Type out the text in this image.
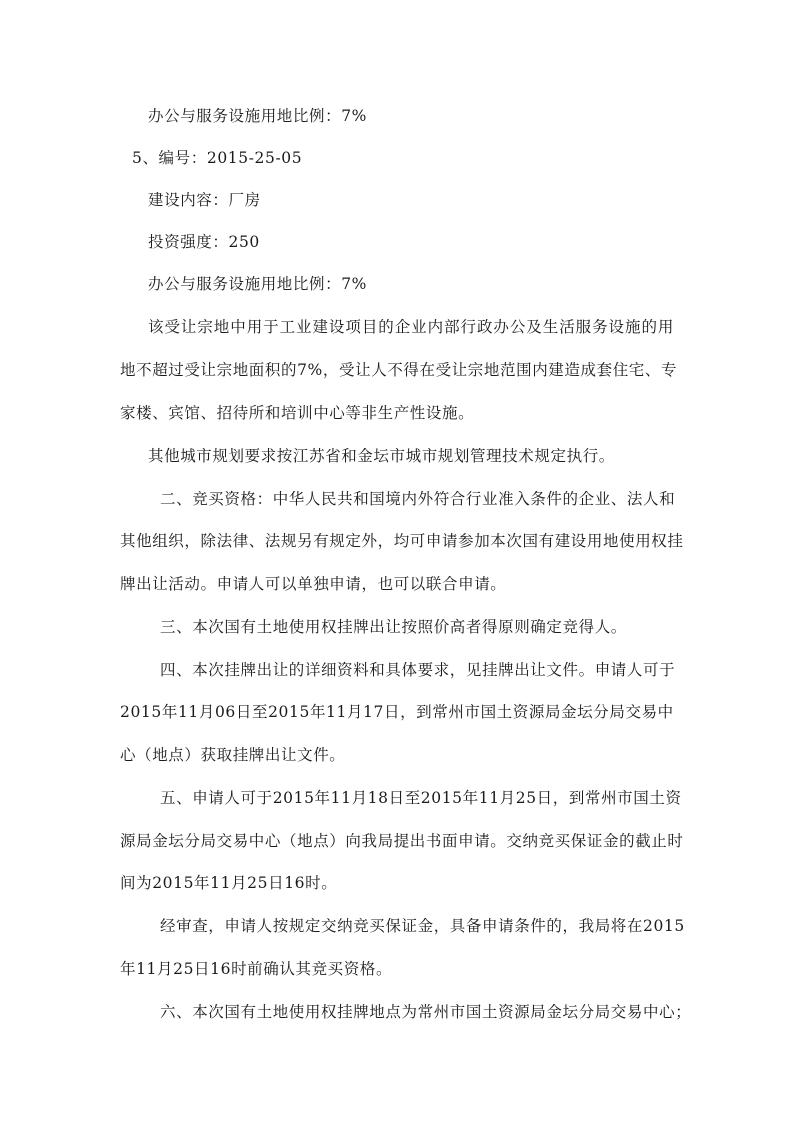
办公与服务设施用地比例：7%
5、编号：2015-25-05
建设内容：厂房
投资强度：250
办公与服务设施用地比例：7%
该受让宗地中用于工业建设项目的企业内部行政办公及生活服务设施的用
地不超过受让宗地面积的7%，受让人不得在受让宗地范围内建造成套住宅、专
家楼、宾馆、招待所和培训中心等非生产性设施。
其他城市规划要求按江苏省和金坛市城市规划管理技术规定执行。
二、竞买资格：中华人民共和国境内外符合行业准入条件的企业、法人和
其他组织，除法律、法规另有规定外，均可申请参加本次国有建设用地使用权挂
牌出让活动。申请人可以单独申请，也可以联合申请。
三、本次国有土地使用权挂牌出让按照价高者得原则确定竞得人。
四、本次挂牌出让的详细资料和具体要求，见挂牌出让文件。申请人可于
2015年11月06日至2015年11月17日，到常州市国土资源局金坛分局交易中
心（地点）获取挂牌出让文件。
五、申请人可于2015年11月18日至2015年11月25日，到常州市国土资
源局金坛分局交易中心（地点）向我局提出书面申请。交纳竞买保证金的截止时
间为2015年11月25日16时。
经审查，申请人按规定交纳竞买保证金，具备申请条件的，我局将在2015
年11月25日16时前确认其竞买资格。
六、本次国有土地使用权挂牌地点为常州市国土资源局金坛分局交易中心；
